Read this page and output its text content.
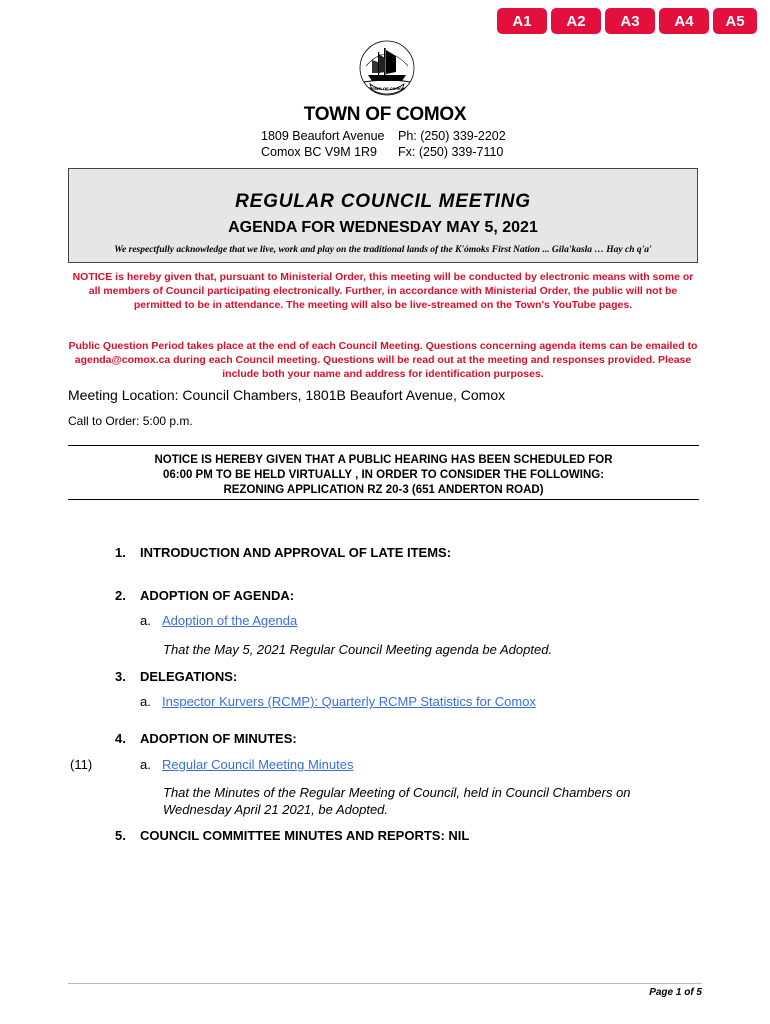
A1	A2	A3	A4	A5
TOWN OF COMOX
TOWN OF COMOX
1809 Beaufort Avenue	Ph: (250) 339-2202
Comox BC V9M 1R9	Fx: (250) 339-7110
REGULAR COUNCIL MEETING
AGENDA FOR WEDNESDAY MAY 5, 2021
We respectfully acknowledge that we live, work and play on the traditional lands of the K'ómoks First Nation ... Gila'kasla … Hay ch q'a'
NOTICE is hereby given that, pursuant to Ministerial Order, this meeting will be conducted by electronic means with some or all members of Council participating electronically. Further, in accordance with Ministerial Order, the public will not be permitted to be in attendance. The meeting will also be live-streamed on the Town's YouTube pages.
Public Question Period takes place at the end of each Council Meeting. Questions concerning agenda items can be emailed to agenda@comox.ca during each Council meeting. Questions will be read out at the meeting and responses provided. Please include both your name and address for identification purposes.
Meeting Location: Council Chambers, 1801B Beaufort Avenue, Comox
Call to Order: 5:00 p.m.
NOTICE IS HEREBY GIVEN THAT A PUBLIC HEARING HAS BEEN SCHEDULED FOR
06:00 PM TO BE HELD VIRTUALLY , IN ORDER TO CONSIDER THE FOLLOWING:
REZONING APPLICATION RZ 20-3 (651 ANDERTON ROAD)
1. INTRODUCTION AND APPROVAL OF LATE ITEMS:
2. ADOPTION OF AGENDA:
a. Adoption of the Agenda
That the May 5, 2021 Regular Council Meeting agenda be Adopted.
3. DELEGATIONS:
a. Inspector Kurvers (RCMP): Quarterly RCMP Statistics for Comox
4. ADOPTION OF MINUTES:
(11)	a. Regular Council Meeting Minutes
That the Minutes of the Regular Meeting of Council, held in Council Chambers on
Wednesday April 21 2021, be Adopted.
5. COUNCIL COMMITTEE MINUTES AND REPORTS: NIL
Page 1 of 5
